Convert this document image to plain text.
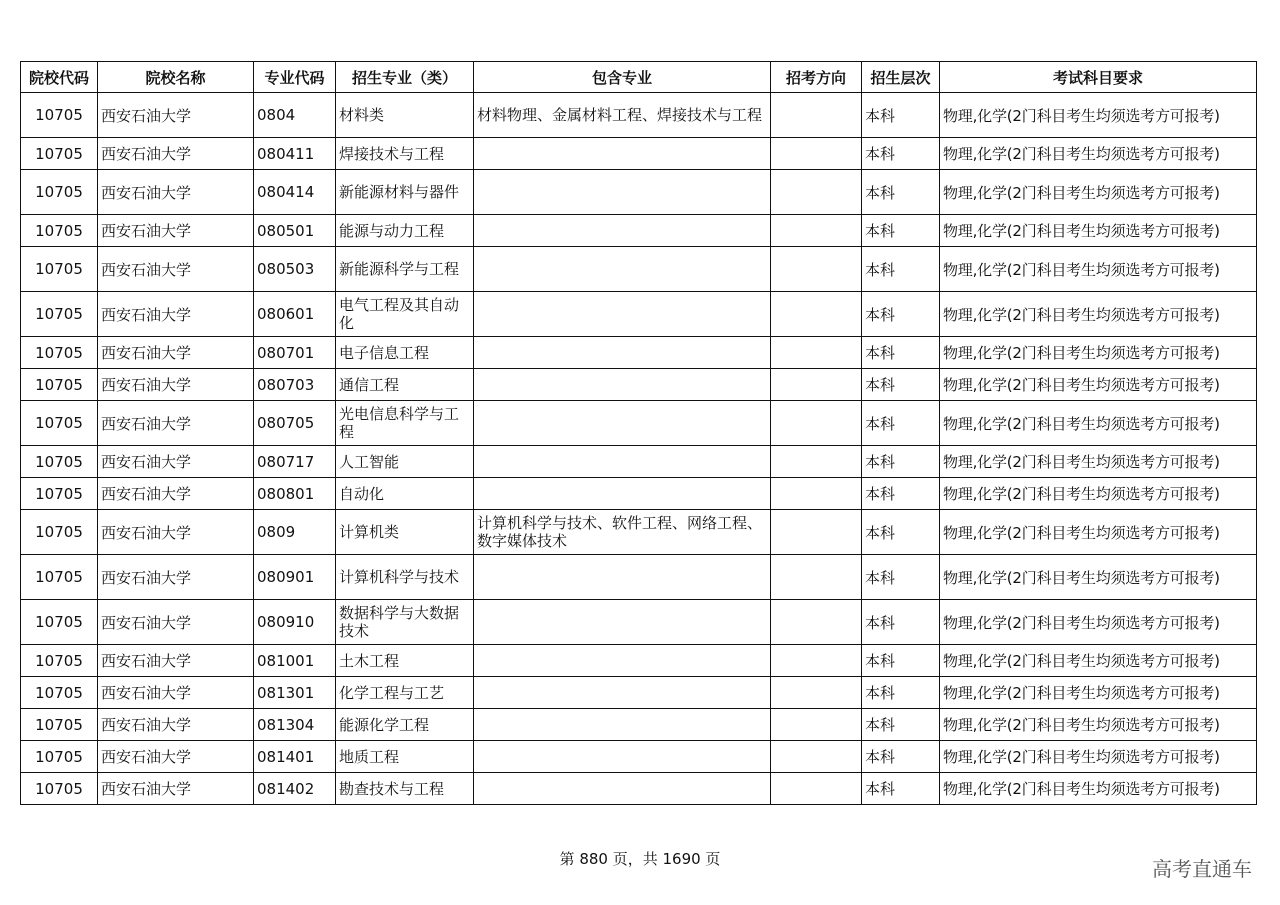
院校代码	院校名称	专业代码	招生专业（类）	包含专业	招考方向	招生层次	考试科目要求
10705	西安石油大学	0804	材料类	材料物理、金属材料工程、焊接技术与工程		本科	物理,化学(2门科目考生均须选考方可报考)
10705	西安石油大学	080411	焊接技术与工程			本科	物理,化学(2门科目考生均须选考方可报考)
10705	西安石油大学	080414	新能源材料与器件			本科	物理,化学(2门科目考生均须选考方可报考)
10705	西安石油大学	080501	能源与动力工程			本科	物理,化学(2门科目考生均须选考方可报考)
10705	西安石油大学	080503	新能源科学与工程			本科	物理,化学(2门科目考生均须选考方可报考)
10705	西安石油大学	080601	电气工程及其自动化			本科	物理,化学(2门科目考生均须选考方可报考)
10705	西安石油大学	080701	电子信息工程			本科	物理,化学(2门科目考生均须选考方可报考)
10705	西安石油大学	080703	通信工程			本科	物理,化学(2门科目考生均须选考方可报考)
10705	西安石油大学	080705	光电信息科学与工程			本科	物理,化学(2门科目考生均须选考方可报考)
10705	西安石油大学	080717	人工智能			本科	物理,化学(2门科目考生均须选考方可报考)
10705	西安石油大学	080801	自动化			本科	物理,化学(2门科目考生均须选考方可报考)
10705	西安石油大学	0809	计算机类	计算机科学与技术、软件工程、网络工程、数字媒体技术		本科	物理,化学(2门科目考生均须选考方可报考)
10705	西安石油大学	080901	计算机科学与技术			本科	物理,化学(2门科目考生均须选考方可报考)
10705	西安石油大学	080910	数据科学与大数据技术			本科	物理,化学(2门科目考生均须选考方可报考)
10705	西安石油大学	081001	土木工程			本科	物理,化学(2门科目考生均须选考方可报考)
10705	西安石油大学	081301	化学工程与工艺			本科	物理,化学(2门科目考生均须选考方可报考)
10705	西安石油大学	081304	能源化学工程			本科	物理,化学(2门科目考生均须选考方可报考)
10705	西安石油大学	081401	地质工程			本科	物理,化学(2门科目考生均须选考方可报考)
10705	西安石油大学	081402	勘查技术与工程			本科	物理,化学(2门科目考生均须选考方可报考)
第 880 页，共 1690 页	高考直通车
